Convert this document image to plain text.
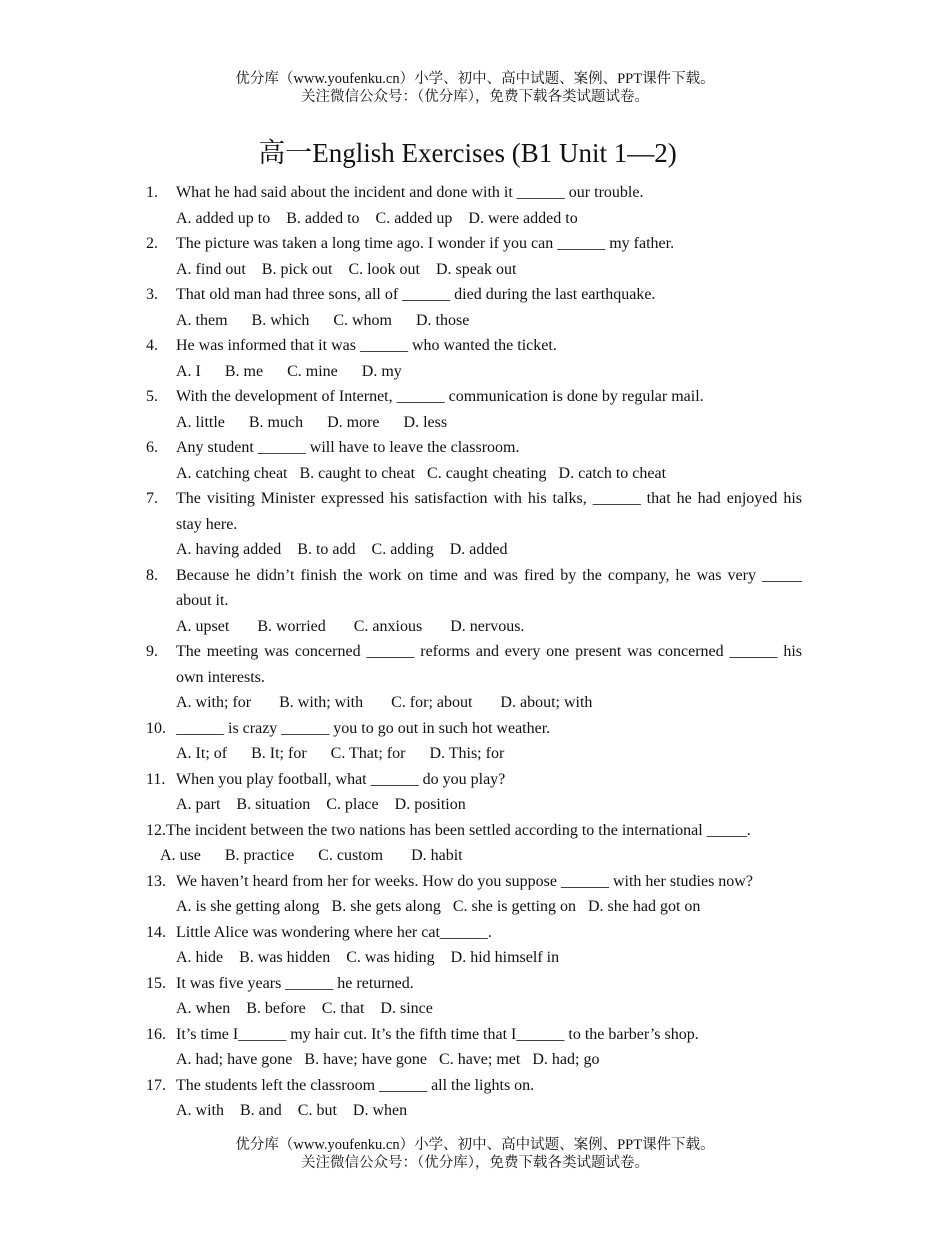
优分库（www.youfenku.cn）小学、初中、高中试题、案例、PPT课件下载。
关注微信公众号：（优分库），免费下载各类试题试卷。
高一English Exercises (B1 Unit 1—2)
1.	What he had said about the incident and done with it ______ our trouble.
A. added up to    B. added to    C. added up    D. were added to
2.	The picture was taken a long time ago. I wonder if you can ______ my father.
A. find out    B. pick out    C. look out    D. speak out
3.	That old man had three sons, all of ______ died during the last earthquake.
A. them      B. which      C. whom      D. those
4.	He was informed that it was ______ who wanted the ticket.
A. I      B. me      C. mine      D. my
5.	With the development of Internet, ______ communication is done by regular mail.
A. little      B. much      D. more      D. less
6.	Any student ______ will have to leave the classroom.
A. catching cheat   B. caught to cheat   C. caught cheating   D. catch to cheat
7.	The visiting Minister expressed his satisfaction with his talks, ______ that he had enjoyed his stay here.
A. having added    B. to add    C. adding    D. added
8.	Because he didn’t finish the work on time and was fired by the company, he was very _____ about it.
A. upset       B. worried       C. anxious       D. nervous.
9.	The meeting was concerned ______ reforms and every one present was concerned ______ his own interests.
A. with; for       B. with; with       C. for; about       D. about; with
10. ______ is crazy ______ you to go out in such hot weather.
A. It; of      B. It; for      C. That; for      D. This; for
11. When you play football, what ______ do you play?
A. part    B. situation    C. place    D. position
12. The incident between the two nations has been settled according to the international _____.
A. use      B. practice      C. custom       D. habit
13. We haven’t heard from her for weeks. How do you suppose ______ with her studies now?
A. is she getting along   B. she gets along   C. she is getting on   D. she had got on
14. Little Alice was wondering where her cat______.
A. hide    B. was hidden    C. was hiding    D. hid himself in
15. It was five years ______ he returned.
A. when    B. before    C. that    D. since
16. It’s time I______ my hair cut. It’s the fifth time that I______ to the barber’s shop.
A. had; have gone   B. have; have gone   C. have; met   D. had; go
17. The students left the classroom ______ all the lights on.
A. with    B. and    C. but    D. when
优分库（www.youfenku.cn）小学、初中、高中试题、案例、PPT课件下载。
关注微信公众号：（优分库），免费下载各类试题试卷。
